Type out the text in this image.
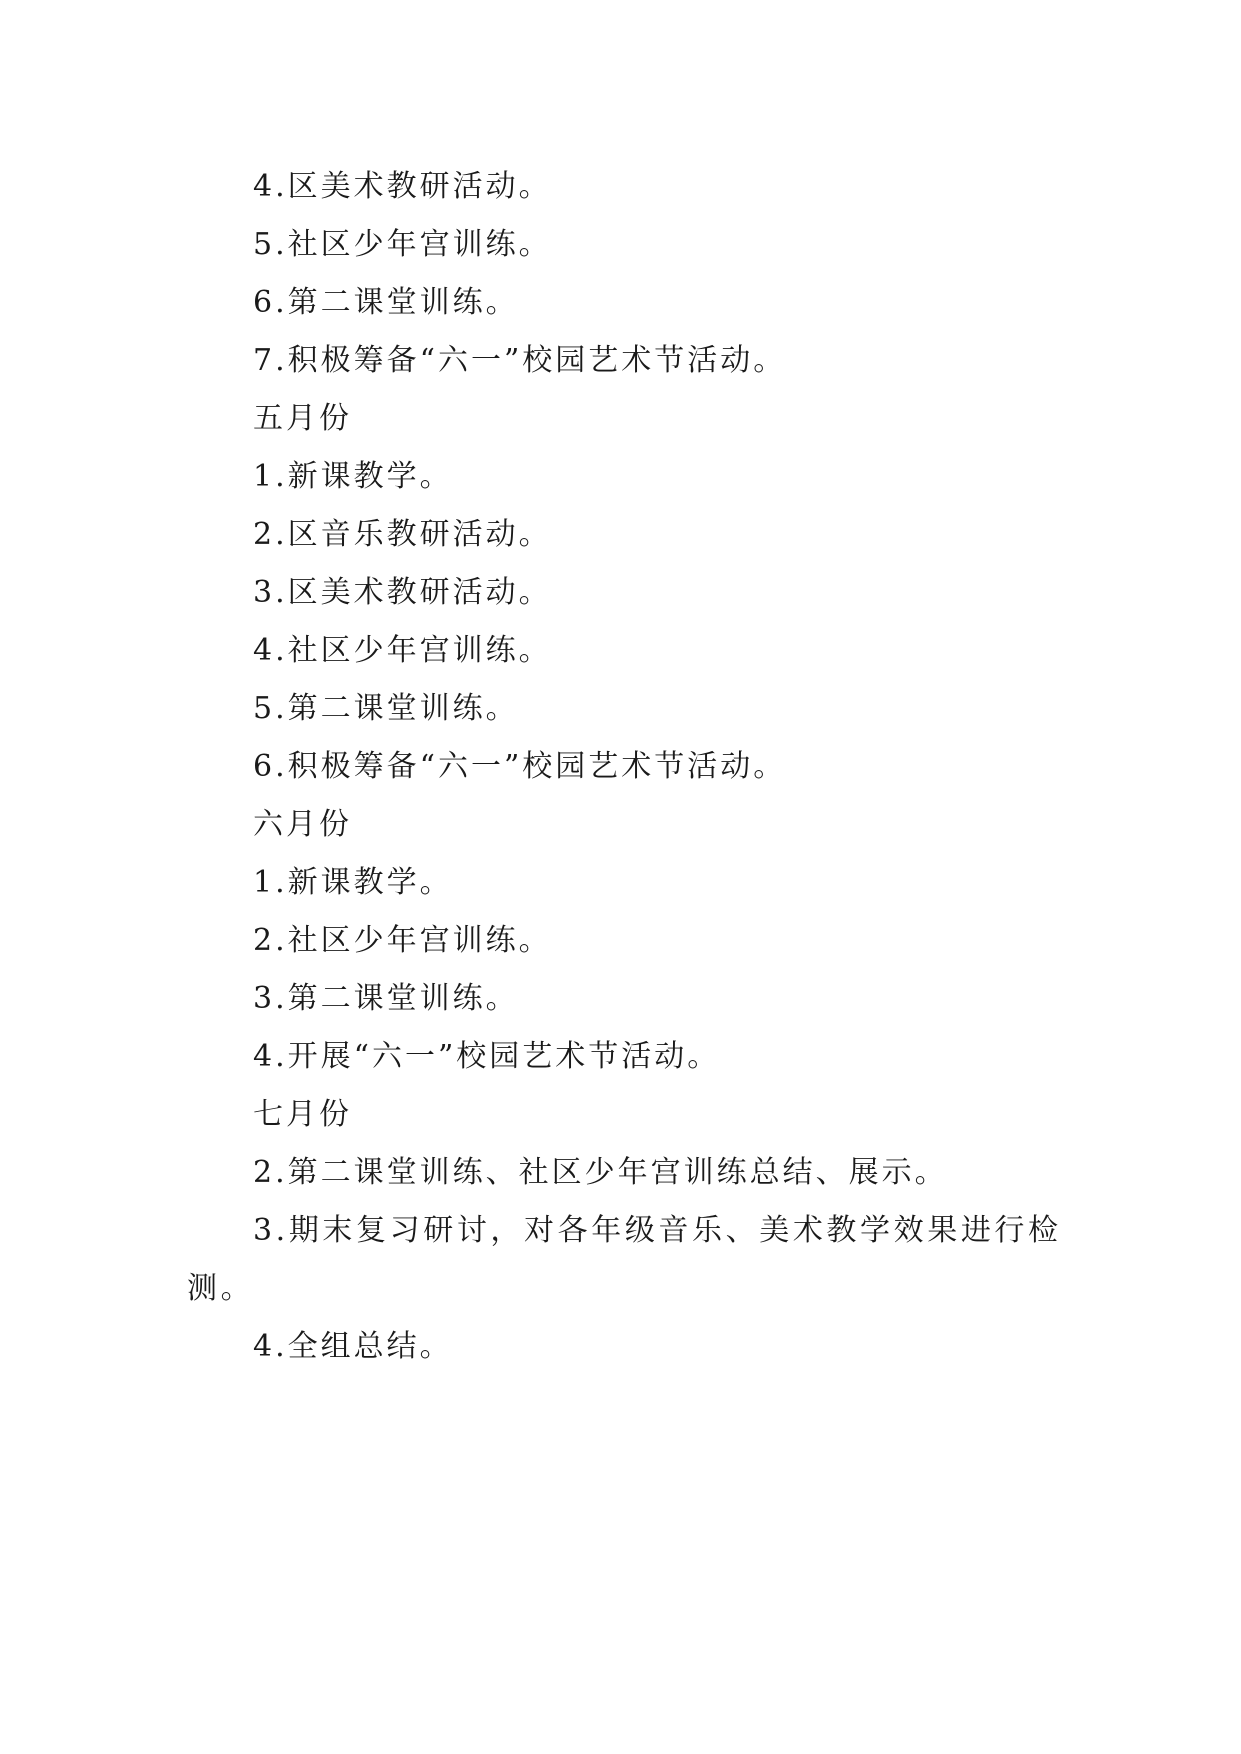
4.区美术教研活动。
5.社区少年宫训练。
6.第二课堂训练。
7.积极筹备“六一”校园艺术节活动。
五月份
1.新课教学。
2.区音乐教研活动。
3.区美术教研活动。
4.社区少年宫训练。
5.第二课堂训练。
6.积极筹备“六一”校园艺术节活动。
六月份
1.新课教学。
2.社区少年宫训练。
3.第二课堂训练。
4.开展“六一”校园艺术节活动。
七月份
2.第二课堂训练、社区少年宫训练总结、展示。
3.期末复习研讨，对各年级音乐、美术教学效果进行检测。
4.全组总结。
